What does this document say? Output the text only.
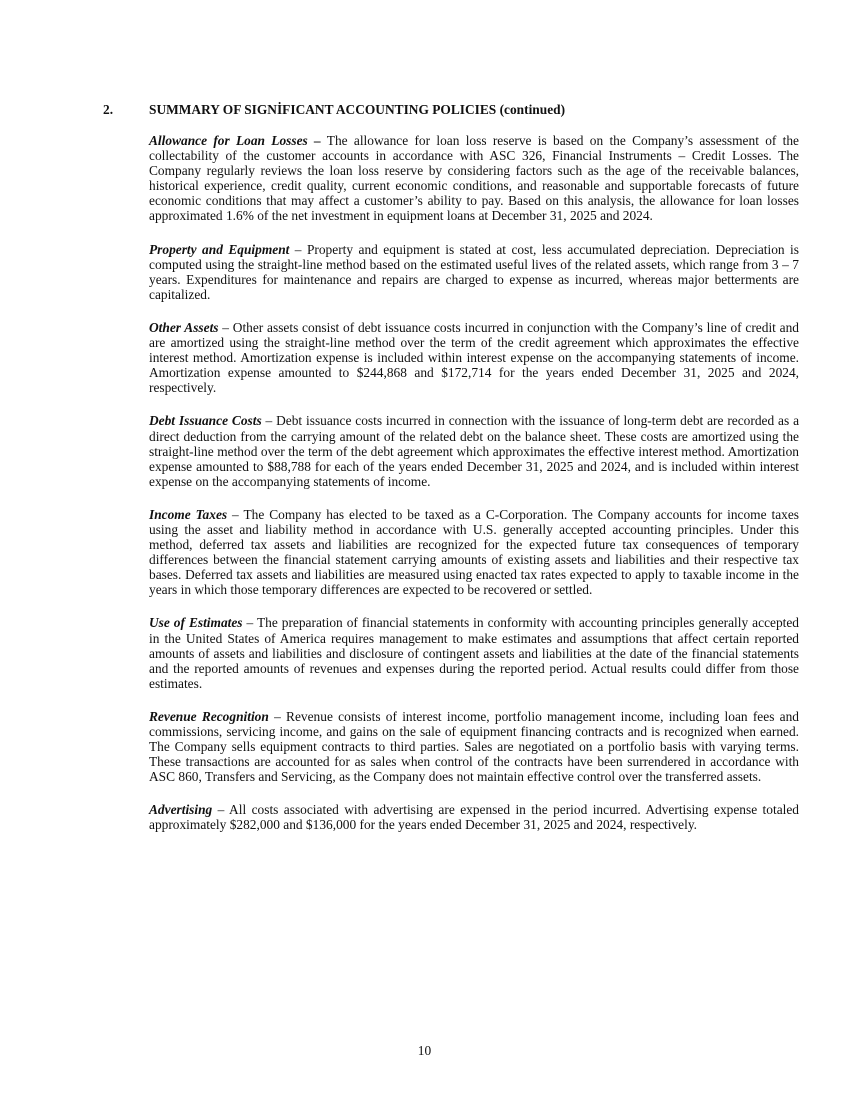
2.	SUMMARY OF SIGNİFICANT ACCOUNTING POLICIES (continued)

Allowance for Loan Losses – The allowance for loan loss reserve is based on the Company’s assessment of the collectability of the customer accounts in accordance with ASC 326, Financial Instruments – Credit Losses. The Company regularly reviews the loan loss reserve by considering factors such as the age of the receivable balances, historical experience, credit quality, current economic conditions, and reasonable and supportable forecasts of future economic conditions that may affect a customer’s ability to pay. Based on this analysis, the allowance for loan losses approximated 1.6% of the net investment in equipment loans at December 31, 2025 and 2024.

Property and Equipment – Property and equipment is stated at cost, less accumulated depreciation. Depreciation is computed using the straight-line method based on the estimated useful lives of the related assets, which range from 3 – 7 years. Expenditures for maintenance and repairs are charged to expense as incurred, whereas major betterments are capitalized.

Other Assets – Other assets consist of debt issuance costs incurred in conjunction with the Company’s line of credit and are amortized using the straight-line method over the term of the credit agreement which approximates the effective interest method. Amortization expense is included within interest expense on the accompanying statements of income. Amortization expense amounted to $244,868 and $172,714 for the years ended December 31, 2025 and 2024, respectively.

Debt Issuance Costs – Debt issuance costs incurred in connection with the issuance of long-term debt are recorded as a direct deduction from the carrying amount of the related debt on the balance sheet. These costs are amortized using the straight-line method over the term of the debt agreement which approximates the effective interest method. Amortization expense amounted to $88,788 for each of the years ended December 31, 2025 and 2024, and is included within interest expense on the accompanying statements of income.

Income Taxes – The Company has elected to be taxed as a C-Corporation. The Company accounts for income taxes using the asset and liability method in accordance with U.S. generally accepted accounting principles. Under this method, deferred tax assets and liabilities are recognized for the expected future tax consequences of temporary differences between the financial statement carrying amounts of existing assets and liabilities and their respective tax bases. Deferred tax assets and liabilities are measured using enacted tax rates expected to apply to taxable income in the years in which those temporary differences are expected to be recovered or settled.

Use of Estimates – The preparation of financial statements in conformity with accounting principles generally accepted in the United States of America requires management to make estimates and assumptions that affect certain reported amounts of assets and liabilities and disclosure of contingent assets and liabilities at the date of the financial statements and the reported amounts of revenues and expenses during the reported period. Actual results could differ from those estimates.

Revenue Recognition – Revenue consists of interest income, portfolio management income, including loan fees and commissions, servicing income, and gains on the sale of equipment financing contracts and is recognized when earned. The Company sells equipment contracts to third parties. Sales are negotiated on a portfolio basis with varying terms. These transactions are accounted for as sales when control of the contracts have been surrendered in accordance with ASC 860, Transfers and Servicing, as the Company does not maintain effective control over the transferred assets.

Advertising – All costs associated with advertising are expensed in the period incurred. Advertising expense totaled approximately $282,000 and $136,000 for the years ended December 31, 2025 and 2024, respectively.

10
